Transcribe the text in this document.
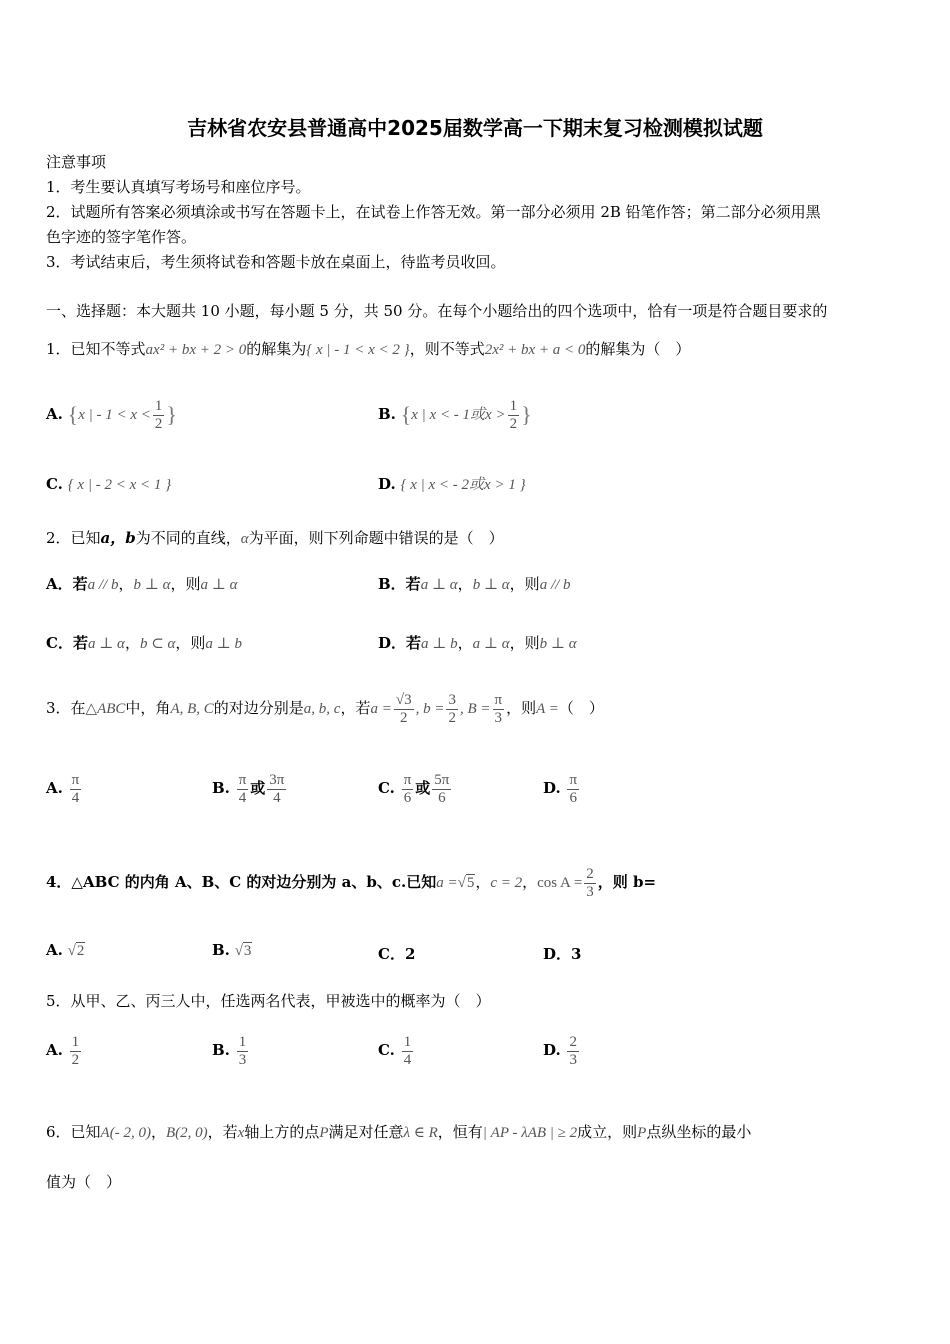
吉林省农安县普通高中2025届数学高一下期末复习检测模拟试题
注意事项
1．考生要认真填写考场号和座位序号。
2．试题所有答案必须填涂或书写在答题卡上，在试卷上作答无效。第一部分必须用 2B 铅笔作答；第二部分必须用黑
色字迹的签字笔作答。
3．考试结束后，考生须将试卷和答题卡放在桌面上，待监考员收回。
一、选择题：本大题共 10 小题，每小题 5 分，共 50 分。在每个小题给出的四个选项中，恰有一项是符合题目要求的
1．已知不等式ax² + bx + 2 > 0的解集为{ x | - 1 < x < 2 }，则不等式2x² + bx + a < 0的解集为（　）
A. {x | - $1 < x < \frac{1}{2}$ }	B. {x | x < - 1或$x > \frac{1}{2}$ }
C. { x | - 2 < x < 1 }	D. { x | x < - 2或x > 1 }
2．已知a，b为不同的直线，α为平面，则下列命题中错误的是（　）
A．若a // b，b ⊥ α，则a ⊥ α	B．若a ⊥ α，b ⊥ α，则a // b
C．若a ⊥ α，b ⊂ α，则a ⊥ b	D．若a ⊥ b，a ⊥ α，则b ⊥ α
3．在△ABC中，角A, B, C的对边分别是a, b, c，若$a = \frac{√3}{2}$ , $b = \frac{3}{2}$ , $B = \frac{\pi}{3}$ ，则A =（　）
A. $\frac{\pi}{4}$	B. $\frac{\pi}{4}$ 或 $\frac{3\pi}{4}$	C. $\frac{\pi}{6}$ 或 $\frac{5\pi}{6}$	D. $\frac{\pi}{6}$
4．△ABC 的内角 A、B、C 的对边分别为 a、b、c.已知a =√5，c = 2，$\cos A = \frac{2}{3}$ ，则 b=
A. √2	B. √3	C．2	D．3
5．从甲、乙、丙三人中，任选两名代表，甲被选中的概率为（　）
A. $\frac{1}{2}$	B. $\frac{1}{3}$	C. $\frac{1}{4}$	D. $\frac{2}{3}$
6．已知A(- 2, 0)，B(2, 0)，若x轴上方的点P满足对任意λ ∈ R，恒有| AP - λAB | ≥ 2成立，则P点纵坐标的最小
值为（　）
